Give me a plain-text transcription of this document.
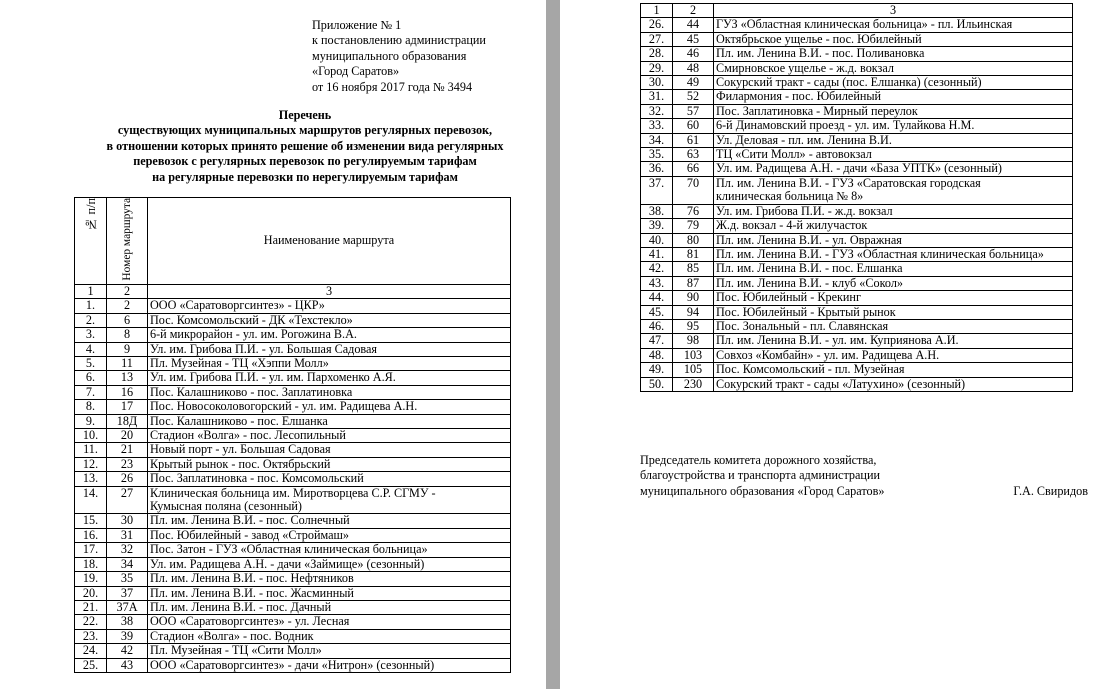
Приложение № 1
к постановлению администрации
муниципального образования
«Город Саратов»
от 16 ноября 2017 года № 3494
Перечень
существующих муниципальных маршрутов регулярных перевозок,
в отношении которых принято решение об изменении вида регулярных
перевозок с регулярных перевозок по регулируемым тарифам
на регулярные перевозки по нерегулируемым тарифам
№ п/п	Номер маршрута	Наименование маршрута
1	2	3
1.	2	ООО «Саратоворгсинтез» - ЦКР»
2.	6	Пос. Комсомольский - ДК «Техстекло»
3.	8	6-й микрорайон - ул. им. Рогожина В.А.
4.	9	Ул. им. Грибова П.И. - ул. Большая Садовая
5.	11	Пл. Музейная - ТЦ «Хэппи Молл»
6.	13	Ул. им. Грибова П.И. - ул. им. Пархоменко А.Я.
7.	16	Пос. Калашниково - пос. Заплатиновка
8.	17	Пос. Новосоколовогорский - ул. им. Радищева А.Н.
9.	18Д	Пос. Калашниково - пос. Елшанка
10.	20	Стадион «Волга» - пос. Лесопильный
11.	21	Новый порт - ул. Большая Садовая
12.	23	Крытый рынок - пос. Октябрьский
13.	26	Пос. Заплатиновка - пос. Комсомольский
14.	27	Клиническая больница им. Миротворцева С.Р. СГМУ -
Кумысная поляна (сезонный)
15.	30	Пл. им. Ленина В.И. - пос. Солнечный
16.	31	Пос. Юбилейный - завод «Строймаш»
17.	32	Пос. Затон - ГУЗ «Областная клиническая больница»
18.	34	Ул. им. Радищева А.Н. - дачи «Займище» (сезонный)
19.	35	Пл. им. Ленина В.И. - пос. Нефтяников
20.	37	Пл. им. Ленина В.И. - пос. Жасминный
21.	37А	Пл. им. Ленина В.И. - пос. Дачный
22.	38	ООО «Саратоворгсинтез» - ул. Лесная
23.	39	Стадион «Волга» - пос. Водник
24.	42	Пл. Музейная - ТЦ «Сити Молл»
25.	43	ООО «Саратоворгсинтез» - дачи «Нитрон» (сезонный)
1	2	3
26.	44	ГУЗ «Областная клиническая больница» - пл. Ильинская
27.	45	Октябрьское ущелье - пос. Юбилейный
28.	46	Пл. им. Ленина В.И. - пос. Поливановка
29.	48	Смирновское ущелье - ж.д. вокзал
30.	49	Сокурский тракт - сады (пос. Елшанка) (сезонный)
31.	52	Филармония - пос. Юбилейный
32.	57	Пос. Заплатиновка - Мирный переулок
33.	60	6-й Динамовский проезд - ул. им. Тулайкова Н.М.
34.	61	Ул. Деловая - пл. им. Ленина В.И.
35.	63	ТЦ «Сити Молл» - автовокзал
36.	66	Ул. им. Радищева А.Н. - дачи «База УПТК» (сезонный)
37.	70	Пл. им. Ленина В.И. - ГУЗ «Саратовская городская
клиническая больница № 8»
38.	76	Ул. им. Грибова П.И. - ж.д. вокзал
39.	79	Ж.д. вокзал - 4-й жилучасток
40.	80	Пл. им. Ленина В.И. - ул. Овражная
41.	81	Пл. им. Ленина В.И. - ГУЗ «Областная клиническая больница»
42.	85	Пл. им. Ленина В.И. - пос. Елшанка
43.	87	Пл. им. Ленина В.И. - клуб «Сокол»
44.	90	Пос. Юбилейный - Крекинг
45.	94	Пос. Юбилейный - Крытый рынок
46.	95	Пос. Зональный - пл. Славянская
47.	98	Пл. им. Ленина В.И. - ул. им. Куприянова А.И.
48.	103	Совхоз «Комбайн» - ул. им. Радищева А.Н.
49.	105	Пос. Комсомольский - пл. Музейная
50.	230	Сокурский тракт - сады «Латухино» (сезонный)
Председатель комитета дорожного хозяйства,
благоустройства и транспорта администрации
муниципального образования «Город Саратов»	Г.А. Свиридов
